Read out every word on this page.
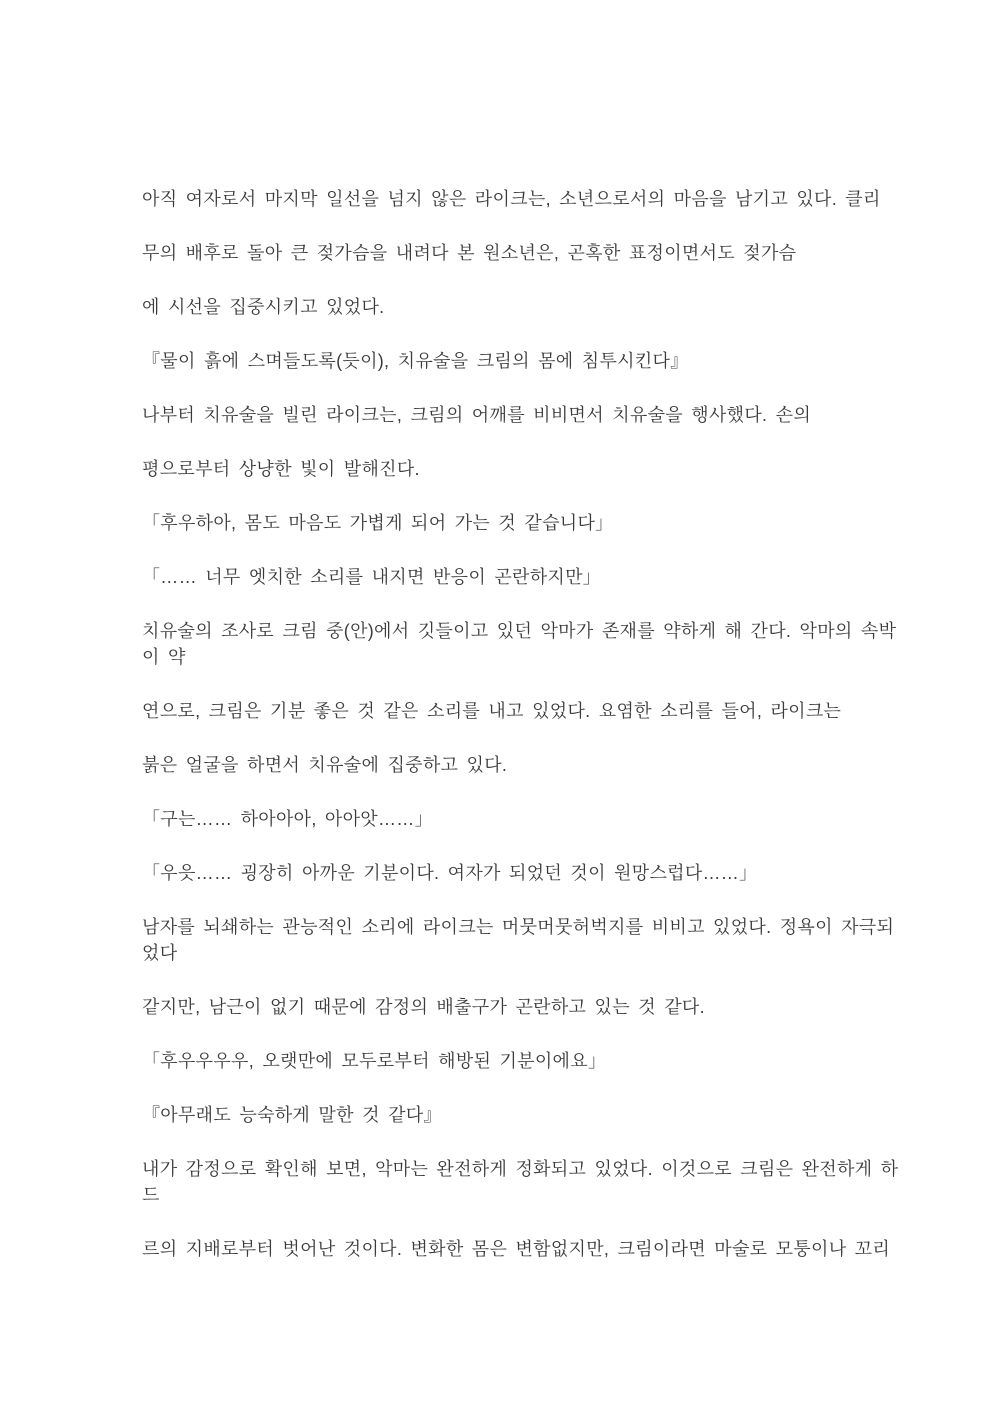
아직 여자로서 마지막 일선을 넘지 않은 라이크는, 소년으로서의 마음을 남기고 있다. 클리
무의 배후로 돌아 큰 젖가슴을 내려다 본 원소년은, 곤혹한 표정이면서도 젖가슴
에 시선을 집중시키고 있었다.
『물이 흙에 스며들도록(듯이), 치유술을 크림의 몸에 침투시킨다』
나부터 치유술을 빌린 라이크는, 크림의 어깨를 비비면서 치유술을 행사했다. 손의
평으로부터 상냥한 빛이 발해진다.
「후우하아, 몸도 마음도 가볍게 되어 가는 것 같습니다」
「…… 너무 엣치한 소리를 내지면 반응이 곤란하지만」
치유술의 조사로 크림 중(안)에서 깃들이고 있던 악마가 존재를 약하게 해 간다. 악마의 속박
이 약
연으로, 크림은 기분 좋은 것 같은 소리를 내고 있었다. 요염한 소리를 들어, 라이크는
붉은 얼굴을 하면서 치유술에 집중하고 있다.
「구는…… 하아아아, 아아앗……」
「우읏…… 굉장히 아까운 기분이다. 여자가 되었던 것이 원망스럽다……」
남자를 뇌쇄하는 관능적인 소리에 라이크는 머뭇머뭇허벅지를 비비고 있었다. 정욕이 자극되
었다
같지만, 남근이 없기 때문에 감정의 배출구가 곤란하고 있는 것 같다.
「후우우우우, 오랫만에 모두로부터 해방된 기분이에요」
『아무래도 능숙하게 말한 것 같다』
내가 감정으로 확인해 보면, 악마는 완전하게 정화되고 있었다. 이것으로 크림은 완전하게 하
드
르의 지배로부터 벗어난 것이다. 변화한 몸은 변함없지만, 크림이라면 마술로 모퉁이나 꼬리
